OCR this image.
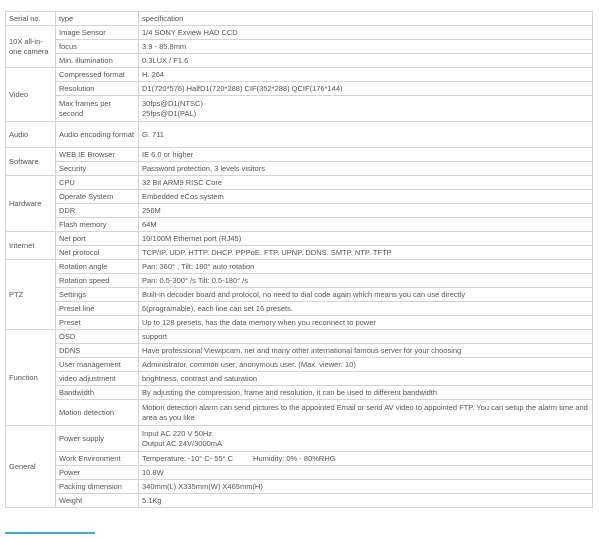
Serial no.	type	specification
10X all-in-one camera	Image Sensor	1/4 SONY Exview HAD CCD
	focus	3.9 - 85.8mm
	Min. illumination	0.3LUX / F1.6
Video	Compressed format	H. 264
	Resolution	D1(720*576) HalfD1(720*288) CIF(352*288) QCIF(176*144)
	Max frames per second	30fps@D1(NTSC)
25fps@D1(PAL)
Audio	Audio encoding format	G. 711
Software	WEB IE Browser	IE 6.0 or higher
	Security	Password protection, 3 levels visitors
Hardware	CPU	32 Bit ARM9 RISC Core
	Operate System	Embedded eCos system
	DDR	256M
	Flash memory	64M
Internet	Net port	10/100M Ethernet port (RJ45)
	Net protocol	TCP/IP. UDP. HTTP. DHCP. PPPoE. FTP. UPNP. DDNS. SMTP. NTP. TFTP
PTZ	Rotation angle	Pan: 360° , Tilt: 180° auto rotation
	Rotation speed	Pan: 0.5-300° /s Tilt: 0.5-180° /s
	Settings	Built-in decoder board and protocol, no need to dial code again which means you can use directly
	Preset line	6(programable), each line can set 16 presets.
	Preset	Up to 128 presets, has the data memory when you reconnect to power
Function	OSD	support
	DDNS	Have professional Viewipcam. net and many other international famous server for your choosing
	User management	Administrator, common user, anonymous user. (Max. viewer: 10)
	video adjustment	brightness, contrast and saturation
	Bandwidth	By adjusting the compression, frame and resolution, it can be used to different bandwidth
	Motion detection	Motion detection alarm can send pictures to the appointed Email or send AV video to appointed FTP. You can setup the alarm time and area as you like
General	Power supply	Input AC 220 V 50Hz
Output AC 24V/3000mA
	Work Environment	Temperature: -10° C- 55° C Humidity: 0% - 80%RHG
	Power	10.8W
	Packing dimension	340mm(L) X335mm(W) X465mm(H)
	Weight	5.1Kg
